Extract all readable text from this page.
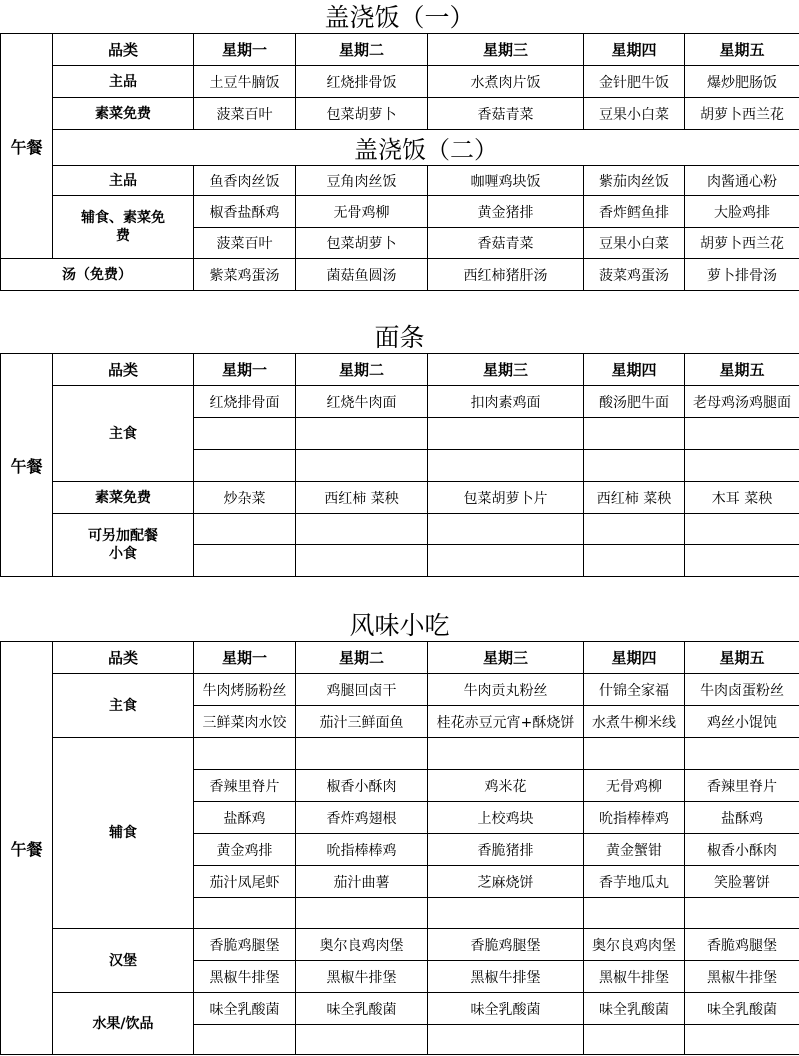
盖浇饭（一）
午餐	品类	星期一	星期二	星期三	星期四	星期五
	主品	土豆牛腩饭	红烧排骨饭	水煮肉片饭	金针肥牛饭	爆炒肥肠饭
	素菜免费	菠菜百叶	包菜胡萝卜	香菇青菜	豆果小白菜	胡萝卜西兰花
	盖浇饭（二）					
	主品	鱼香肉丝饭	豆角肉丝饭	咖喱鸡块饭	紫茄肉丝饭	肉酱通心粉

	辅食、素菜免费	椒香盐酥鸡	无骨鸡柳	黄金猪排	香炸鳕鱼排	大脸鸡排
		菠菜百叶	包菜胡萝卜	香菇青菜	豆果小白菜	胡萝卜西兰花
汤（免费）		紫菜鸡蛋汤	菌菇鱼圆汤	西红柿猪肝汤	菠菜鸡蛋汤	萝卜排骨汤
面条
午餐	品类	星期一	星期二	星期三	星期四	星期五
	主食	红烧排骨面	红烧牛肉面	扣肉素鸡面	酸汤肥牛面	老母鸡汤鸡腿面

	素菜免费	炒杂菜	西红柿 菜秧	包菜胡萝卜片	西红柿 菜秧	木耳 菜秧

	可另加配餐小食					

风味小吃
午餐	品类	星期一	星期二	星期三	星期四	星期五
	主食	牛肉烤肠粉丝	鸡腿回卤干	牛肉贡丸粉丝	什锦全家福	牛肉卤蛋粉丝
		三鲜菜肉水饺	茄汁三鲜面鱼	桂花赤豆元宵+酥烧饼	水煮牛柳米线	鸡丝小馄饨
	辅食					
		香辣里脊片	椒香小酥肉	鸡米花	无骨鸡柳	香辣里脊片
		盐酥鸡	香炸鸡翅根	上校鸡块	吮指棒棒鸡	盐酥鸡
		黄金鸡排	吮指棒棒鸡	香脆猪排	黄金蟹钳	椒香小酥肉
		茄汁凤尾虾	茄汁曲薯	芝麻烧饼	香芋地瓜丸	笑脸薯饼

	汉堡	香脆鸡腿堡	奥尔良鸡肉堡	香脆鸡腿堡	奥尔良鸡肉堡	香脆鸡腿堡
		黑椒牛排堡	黑椒牛排堡	黑椒牛排堡	黑椒牛排堡	黑椒牛排堡
	水果/饮品	味全乳酸菌	味全乳酸菌	味全乳酸菌	味全乳酸菌	味全乳酸菌
